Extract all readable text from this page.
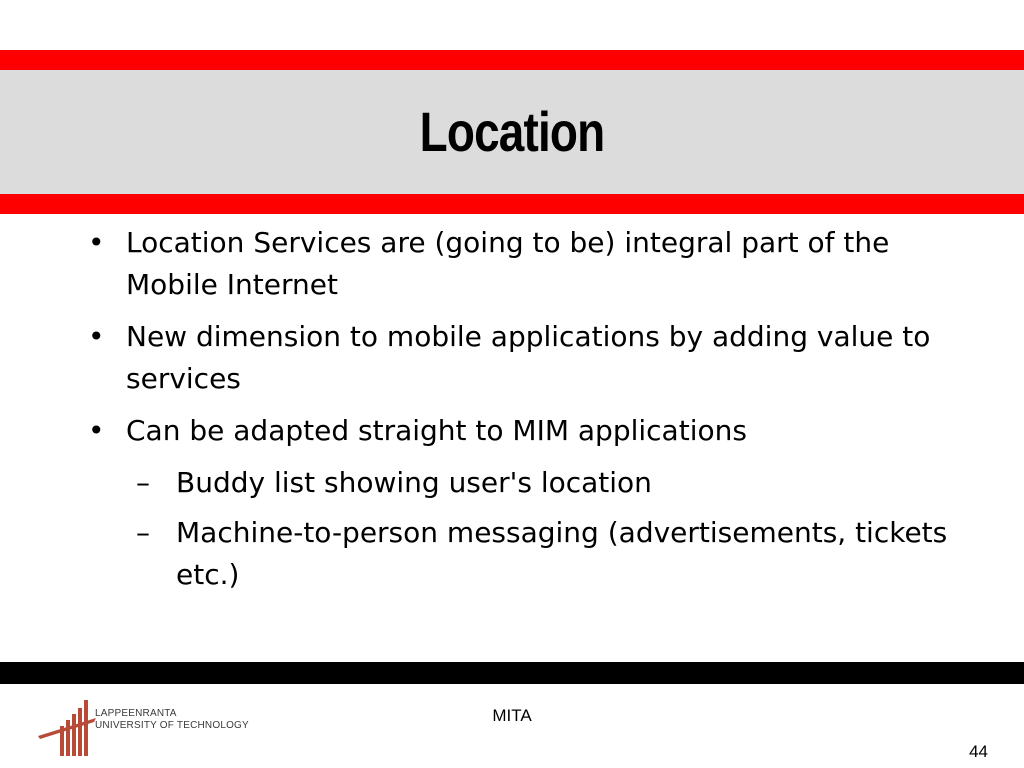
Location
• Location Services are (going to be) integral part of the Mobile Internet
• New dimension to mobile applications by adding value to services
• Can be adapted straight to MIM applications
– Buddy list showing user's location
– Machine-to-person messaging (advertisements, tickets etc.)
LAPPEENRANTA
UNIVERSITY OF TECHNOLOGY
MITA
44
